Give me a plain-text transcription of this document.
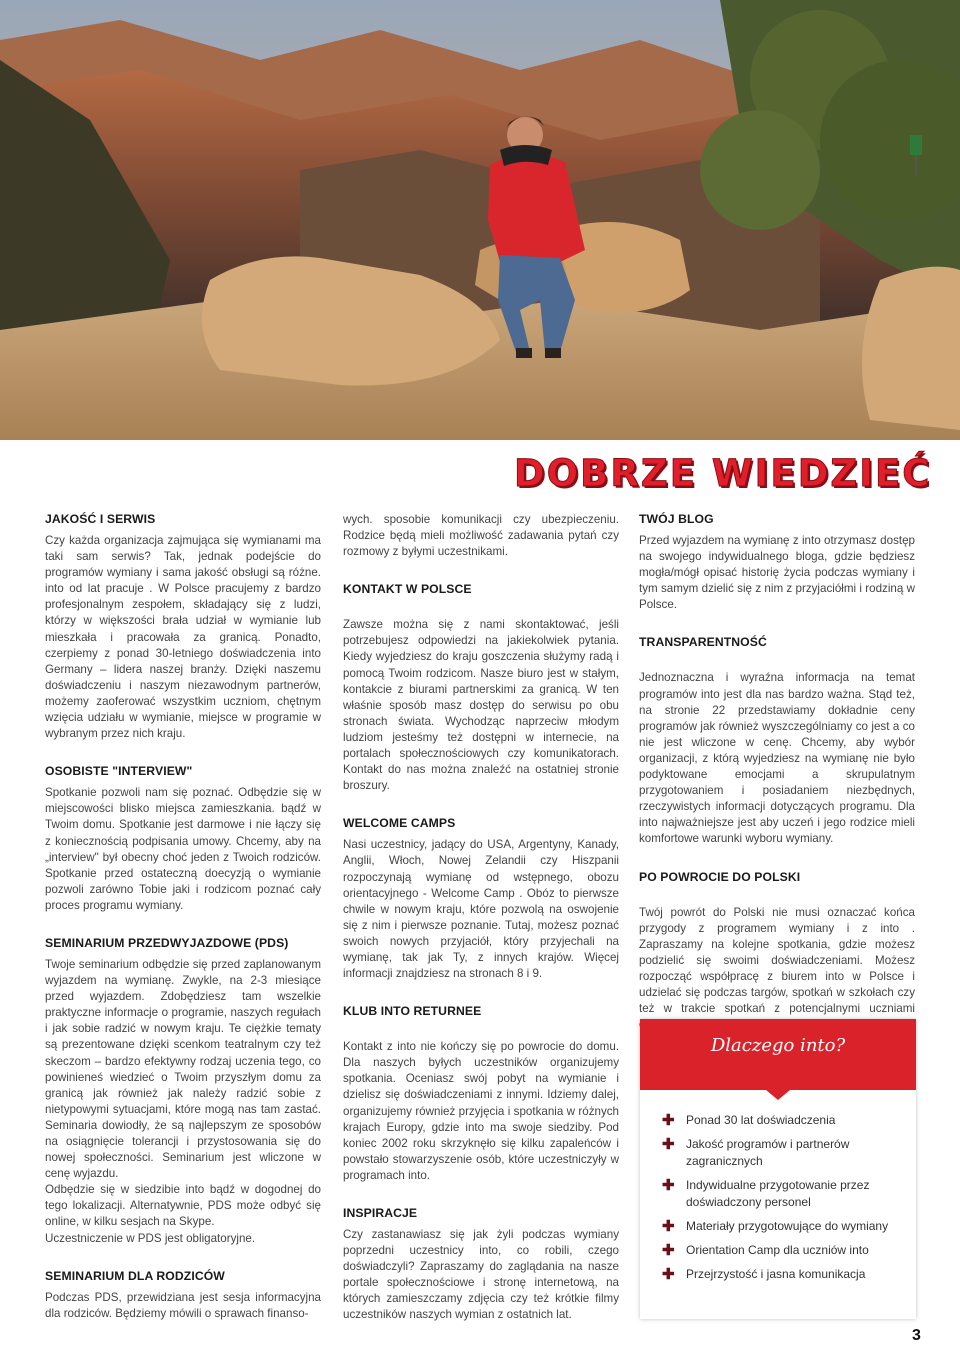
DOBRZE WIEDZIEĆ
JAKOŚĆ I SERWIS

Czy każda organizacja zajmująca się wymianami ma taki sam serwis? Tak, jednak podejście do programów wymiany i sama jakość obsługi są różne. into od lat pracuje . W Polsce pracujemy z bardzo profesjonalnym zespołem, składający się z ludzi, którzy w większości brała udział w wymianie lub mieszkała i pracowała za granicą. Ponadto, czerpiemy z ponad 30-letniego doświadczenia into Germany – lidera naszej branży. Dzięki naszemu doświadczeniu i naszym niezawodnym partnerów, możemy zaoferować wszystkim uczniom, chętnym wzięcia udziału w wymianie, miejsce w programie w wybranym przez nich kraju.

OSOBISTE "INTERVIEW"

Spotkanie pozwoli nam się poznać. Odbędzie się w miejscowości blisko miejsca zamieszkania. bądź w Twoim domu. Spotkanie jest darmowe i nie łączy się z koniecznością podpisania umowy. Chcemy, aby na „interview" był obecny choć jeden z Twoich rodziców. Spotkanie przed ostateczną doecyzją o wymianie pozwoli zarówno Tobie jaki i rodzicom poznać cały proces programu wymiany.

SEMINARIUM PRZEDWYJAZDOWE (PDS)

Twoje seminarium odbędzie się przed zaplanowanym wyjazdem na wymianę. Zwykle, na 2-3 miesiące przed wyjazdem. Zdobędziesz tam wszelkie praktyczne informacje o programie, naszych regułach i jak sobie radzić w nowym kraju. Te ciężkie tematy są prezentowane dzięki scenkom teatralnym czy też skeczom – bardzo efektywny rodzaj uczenia tego, co powinieneś wiedzieć o Twoim przyszłym domu za granicą jak również jak należy radzić sobie z nietypowymi sytuacjami, które mogą nas tam zastać. Seminaria dowiodły, że są najlepszym ze sposobów na osiągnięcie tolerancji i przystosowania się do nowej społeczności. Seminarium jest wliczone w cenę wyjazdu.

Odbędzie się w siedzibie into bądź w dogodnej do tego lokalizacji. Alternatywnie, PDS może odbyć się online, w kilku sesjach na Skype.

Uczestniczenie w PDS jest obligatoryjne.

SEMINARIUM DLA RODZICÓW

Podczas PDS, przewidziana jest sesja informacyjna dla rodziców. Będziemy mówili o sprawach finanso-

wych. sposobie komunikacji czy ubezpieczeniu. Rodzice będą mieli możliwość zadawania pytań czy rozmowy z byłymi uczestnikami.

KONTAKT W POLSCE

Zawsze można się z nami skontaktować, jeśli potrzebujesz odpowiedzi na jakiekolwiek pytania. Kiedy wyjedziesz do kraju goszczenia służymy radą i pomocą Twoim rodzicom. Nasze biuro jest w stałym, kontakcie z biurami partnerskimi za granicą. W ten właśnie sposób masz dostęp do serwisu po obu stronach świata. Wychodząc naprzeciw młodym ludziom jesteśmy też dostępni w internecie, na portalach społecznościowych czy komunikatorach. Kontakt do nas można znaleźć na ostatniej stronie broszury.

WELCOME CAMPS

Nasi uczestnicy, jadący do USA, Argentyny, Kanady, Anglii, Włoch, Nowej Zelandii czy Hiszpanii rozpoczynają wymianę od wstępnego, obozu orientacyjnego - Welcome Camp . Obóz to pierwsze chwile w nowym kraju, które pozwolą na oswojenie się z nim i pierwsze poznanie. Tutaj, możesz poznać swoich nowych przyjaciół, który przyjechali na wymianę, tak jak Ty, z innych krajów. Więcej informacji znajdziesz na stronach 8 i 9.

KLUB INTO RETURNEE

Kontakt z into nie kończy się po powrocie do domu. Dla naszych byłych uczestników organizujemy spotkania. Oceniasz swój pobyt na wymianie i dzielisz się doświadczeniami z innymi. Idziemy dalej, organizujemy również przyjęcia i spotkania w różnych krajach Europy, gdzie into ma swoje siedziby. Pod koniec 2002 roku skrzyknęło się kilku zapaleńców i powstało stowarzyszenie osób, które uczestniczyły w programach into.

INSPIRACJE

Czy zastanawiasz się jak żyli podczas wymiany poprzedni uczestnicy into, co robili, czego doświadczyli? Zapraszamy do zaglądania na nasze portale społecznościowe i stronę internetową, na których zamieszczamy zdjęcia czy też krótkie filmy uczestników naszych wymian z ostatnich lat.

TWÓJ BLOG

Przed wyjazdem na wymianę z into otrzymasz dostęp na swojego indywidualnego bloga, gdzie będziesz mogła/mógł opisać historię życia podczas wymiany i tym samym dzielić się z nim z przyjaciółmi i rodziną w Polsce.

TRANSPARENTNOŚĆ

Jednoznaczna i wyraźna informacja na temat programów into jest dla nas bardzo ważna. Stąd też, na stronie 22 przedstawiamy dokładnie ceny programów jak również wyszczególniamy co jest a co nie jest wliczone w cenę. Chcemy, aby wybór organizacji, z którą wyjedziesz na wymianę nie było podyktowane emocjami a skrupulatnym przygotowaniem i posiadaniem niezbędnych, rzeczywistych informacji dotyczących programu. Dla into najważniejsze jest aby uczeń i jego rodzice mieli komfortowe warunki wyboru wymiany.

PO POWROCIE DO POLSKI

Twój powrót do Polski nie musi oznaczać końca przygody z programem wymiany i z into . Zapraszamy na kolejne spotkania, gdzie możesz podzielić się swoimi doświadczeniami. Możesz rozpocząć współpracę z biurem into w Polsce i udzielać się podczas targów, spotkań w szkołach czy też w trakcie spotkań z potencjalnymi uczniami

Dlaczego into?
✚ Ponad 30 lat doświadczenia
✚ Jakość programów i partnerów zagranicznych
✚ Indywidualne przygotowanie przez doświadczony personel
✚ Materiały przygotowujące do wymiany
✚ Orientation Camp dla uczniów into
✚ Przejrzystość i jasna komunikacja
3
